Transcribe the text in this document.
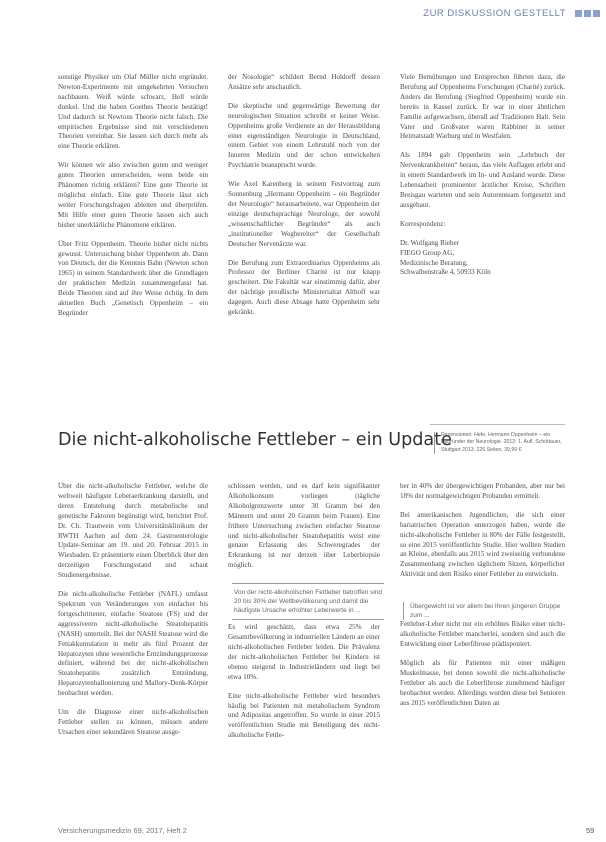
ZUR DISKUSSION GESTELLT

sonstige Physiker um Olaf Müller nicht ergründet. Newton-Experimente mit umgekehrten Versuchen nachbauen. Weiß würde schwarz, Hell würde dunkel. Und die haben Goethes Theorie bestätigt! Und dadurch ist Newtons Theorie nicht falsch. Die empirischen Ergebnisse sind mit verschiedenen Theorien vereinbar. Sie lassen sich durch mehr als eine Theorie erklären.

Wir können wir also zwischen guten und weniger guten Theorien unterscheiden, wenn beide ein Phänomen richtig erklären? Eine gute Theorie ist möglichst einfach. Eine gute Theorie lässt sich weiter Forschungsfragen ableiten und überprüfen. Mit Hilfe einer guten Theorie lassen sich auch bisher unerklärliche Phänomene erklären.

Über Fritz Oppenheim. Theorie bisher nicht nichts gewusst. Untersuchung bisher Oppenheim ab. Dann von Deutsch, der die Kenntnis Bahn (Newton schon 1965) in seinem Standardwerk über die Grundlagen der praktischen Medizin zusammengefasst hat. Beide Theorien sind auf ihre Weise richtig. In dem aktuellen Buch „Genetisch Oppenheim – ein Begründer

der Nosologie“ schildert Bernd Holdorff dessen Ansätze sehr anschaulich.

Die skeptische und gegenwärtige Bewertung der neurologischen Situation schreibt er keiner Weise. Oppenheims große Verdienste an der Herausbildung einer eigenständigen Neurologie in Deutschland, einem Gebiet von einem Lehrstuhl noch von der Inneren Medizin und der schon entwickelten Psychiatrie beansprucht wurde.

Wie Axel Karenberg in seinem Festvortrag zum Sonnenburg „Hermann Oppenheim – ein Begründer der Neurologie“ herausarbeitete, war Oppenheim der einzige deutschsprachige Neurologe, der sowohl „wissenschaftlicher Begründer“ als auch „institutioneller Wegbereiter“ der Gesellschaft Deutscher Nervenärzte war.

Die Berufung zum Extraordinarius Oppenheims als Professor der Berliner Charité ist nur knapp gescheitert. Die Fakultät war einstimmig dafür, aber der nächtige preußische Ministerialrat Althoff war dagegen. Auch diese Absage hatte Oppenheim sehr gekränkt.

Viele Bemühungen und Entsprechen führten dazu, die Berufung auf Oppenheims Forschungen (Charité) zurück. Anders die Berufung (Siegfried Oppenheim) wurde ein bereits in Kassel zurück. Er war in einer ähnlichen Familie aufgewachsen, überall auf Traditionen Halt. Sein Vater und Großvater waren Rabbiner in seiner Heimatstadt Warburg und in Westfalen.

Als 1894 gab Oppenheim sein „Lehrbuch der Nervenkrankheiten“ heraus, das viele Auflagen erlebt und in einem Standardwerk im In- und Ausland wurde. Diese Lebensarbeit prominenter ärztlicher Kreise, Schriften Breisgau warteten und sein Autorenteam fortgesetzt und ausgebaut.

Korrespondenz:

Dr. Wolfgang Rieber

FIEGO Group AG,

Medizinische Beratung,

Schwalbenstraße 4, 50933 Köln

Rezensionen: Hefe, Hermann Oppenheim – ein Begründer der Neurologie. 2012; 1. Aufl. Schöttauer, Stuttgart 2013, 226 Seiten, 39,99 €
Die nicht-alkoholische Fettleber – ein Update

Über die nicht-alkoholische Fettleber, welche die weltweit häufigste Leberaerkrankung darstellt, und deren Entstehung durch metabolische und genetische Faktoren begünstigt wird, berichtet Prof. Dr. Ch. Trautwein vom Universitätsklinikum der RWTH Aachen auf dem 24. Gastroenterologie Update-Seminar am 19. und 20. Februar 2015 in Wiesbaden. Er präsentierte einen Überblick über den derzeitigen Forschungsstand und schaut Studienergebnisse.

Die nicht-alkoholische Fettleber (NAFL) umfasst Spektrum von Veränderungen von einfacher bis fortgeschrittener, einfache Steatose (FS) und der aggressiveren nicht-alkoholische Steatohepatitis (NASH) unterteilt. Bei der NASH Steatose wird die Fettakkumulation in mehr als fünf Prozent der Hepatozyten ohne wesentliche Entzündungsprozesse definiert, während bei der nicht-alkoholischen Steatohepatitis zusätzlich Entzündung, Hepatozytenballonierung und Mallory-Denk-Körper beobachtet werden.

Um die Diagnose einer nicht-alkoholischen Fettleber stellen zu können, müssen andere Ursachen einer sekundären Steatose ausge-

schlossen werden, und es darf kein signifikanter Alkoholkonsum vorliegen (tägliche Alkoholgrenzwerte unter 30 Gramm bei den Männern und unter 20 Gramm beim Frauen). Eine frühere Untersuchung zwischen einfacher Steatose und nicht-alkoholischer Steatohepatitis weist eine genaue Erfassung des Schweregrades der Erkrankung ist nur derzeit über Leberbiopsie möglich.

Es wird geschätzt, dass etwa 25% der Gesamtbevölkerung in industriellen Ländern an einer nicht-alkoholischen Fettleber leiden. Die Prävalenz der nicht-alkoholischen Fettleber bei Kindern ist ebenso steigend in Industrieländern und liegt bei etwa 10%.

Eine nicht-alkoholische Fettleber wird besonders häufig bei Patienten mit metabolischem Syndrom und Adipositas angetroffen. So wurde in einer 2015 veröffentlichten Studie mit Beteiligung des nicht-alkoholische Fettle-

Von der nicht-alkoholischen Fettleber betroffen sind 20 bis 30% der Weltbevölkerung und damit die häufigste Ursache erhöhter Leberwerte in ...

ber in 40% der übergewichtigen Probanden, aber nur bei 18% der normalgewichtigen Probanden ermittelt.

Bei amerikanischen Jugendlichen, die sich einer bariatrischen Operation unterzogen haben, wurde die nicht-alkoholische Fettleber in 80% der Fälle festgestellt, so eine 2015 veröffentlichte Studie. Hier wollten Studien an Kleine, ebenfalls aus 2015 wird zweiseitig verbundene Zusammenhang zwischen täglichem Sitzen, körperlicher Aktivität und dem Risiko einer Fettleber zu entwickeln.

Fettleber-Leber nicht nur ein erhöhtes Risiko einer nicht-alkoholische Fettleber mancherlei, sondern sind auch die Entwicklung einer Leberfibrose prädisponiert.

Möglich als für Patienten mit einer mäßigen Muskelmasse, bei denen sowohl die nicht-alkoholische Fettleber als auch die Leberfibrose zunehmend häufiger beobachtet werden. Allerdings wurden diese bei Senioren aus 2015 veröffentlichten Daten an

Übergewicht ist vor allem bei Ihren jüngeren Gruppe zum ...
Versicherungsmedizin 69, 2017, Heft 2	59
